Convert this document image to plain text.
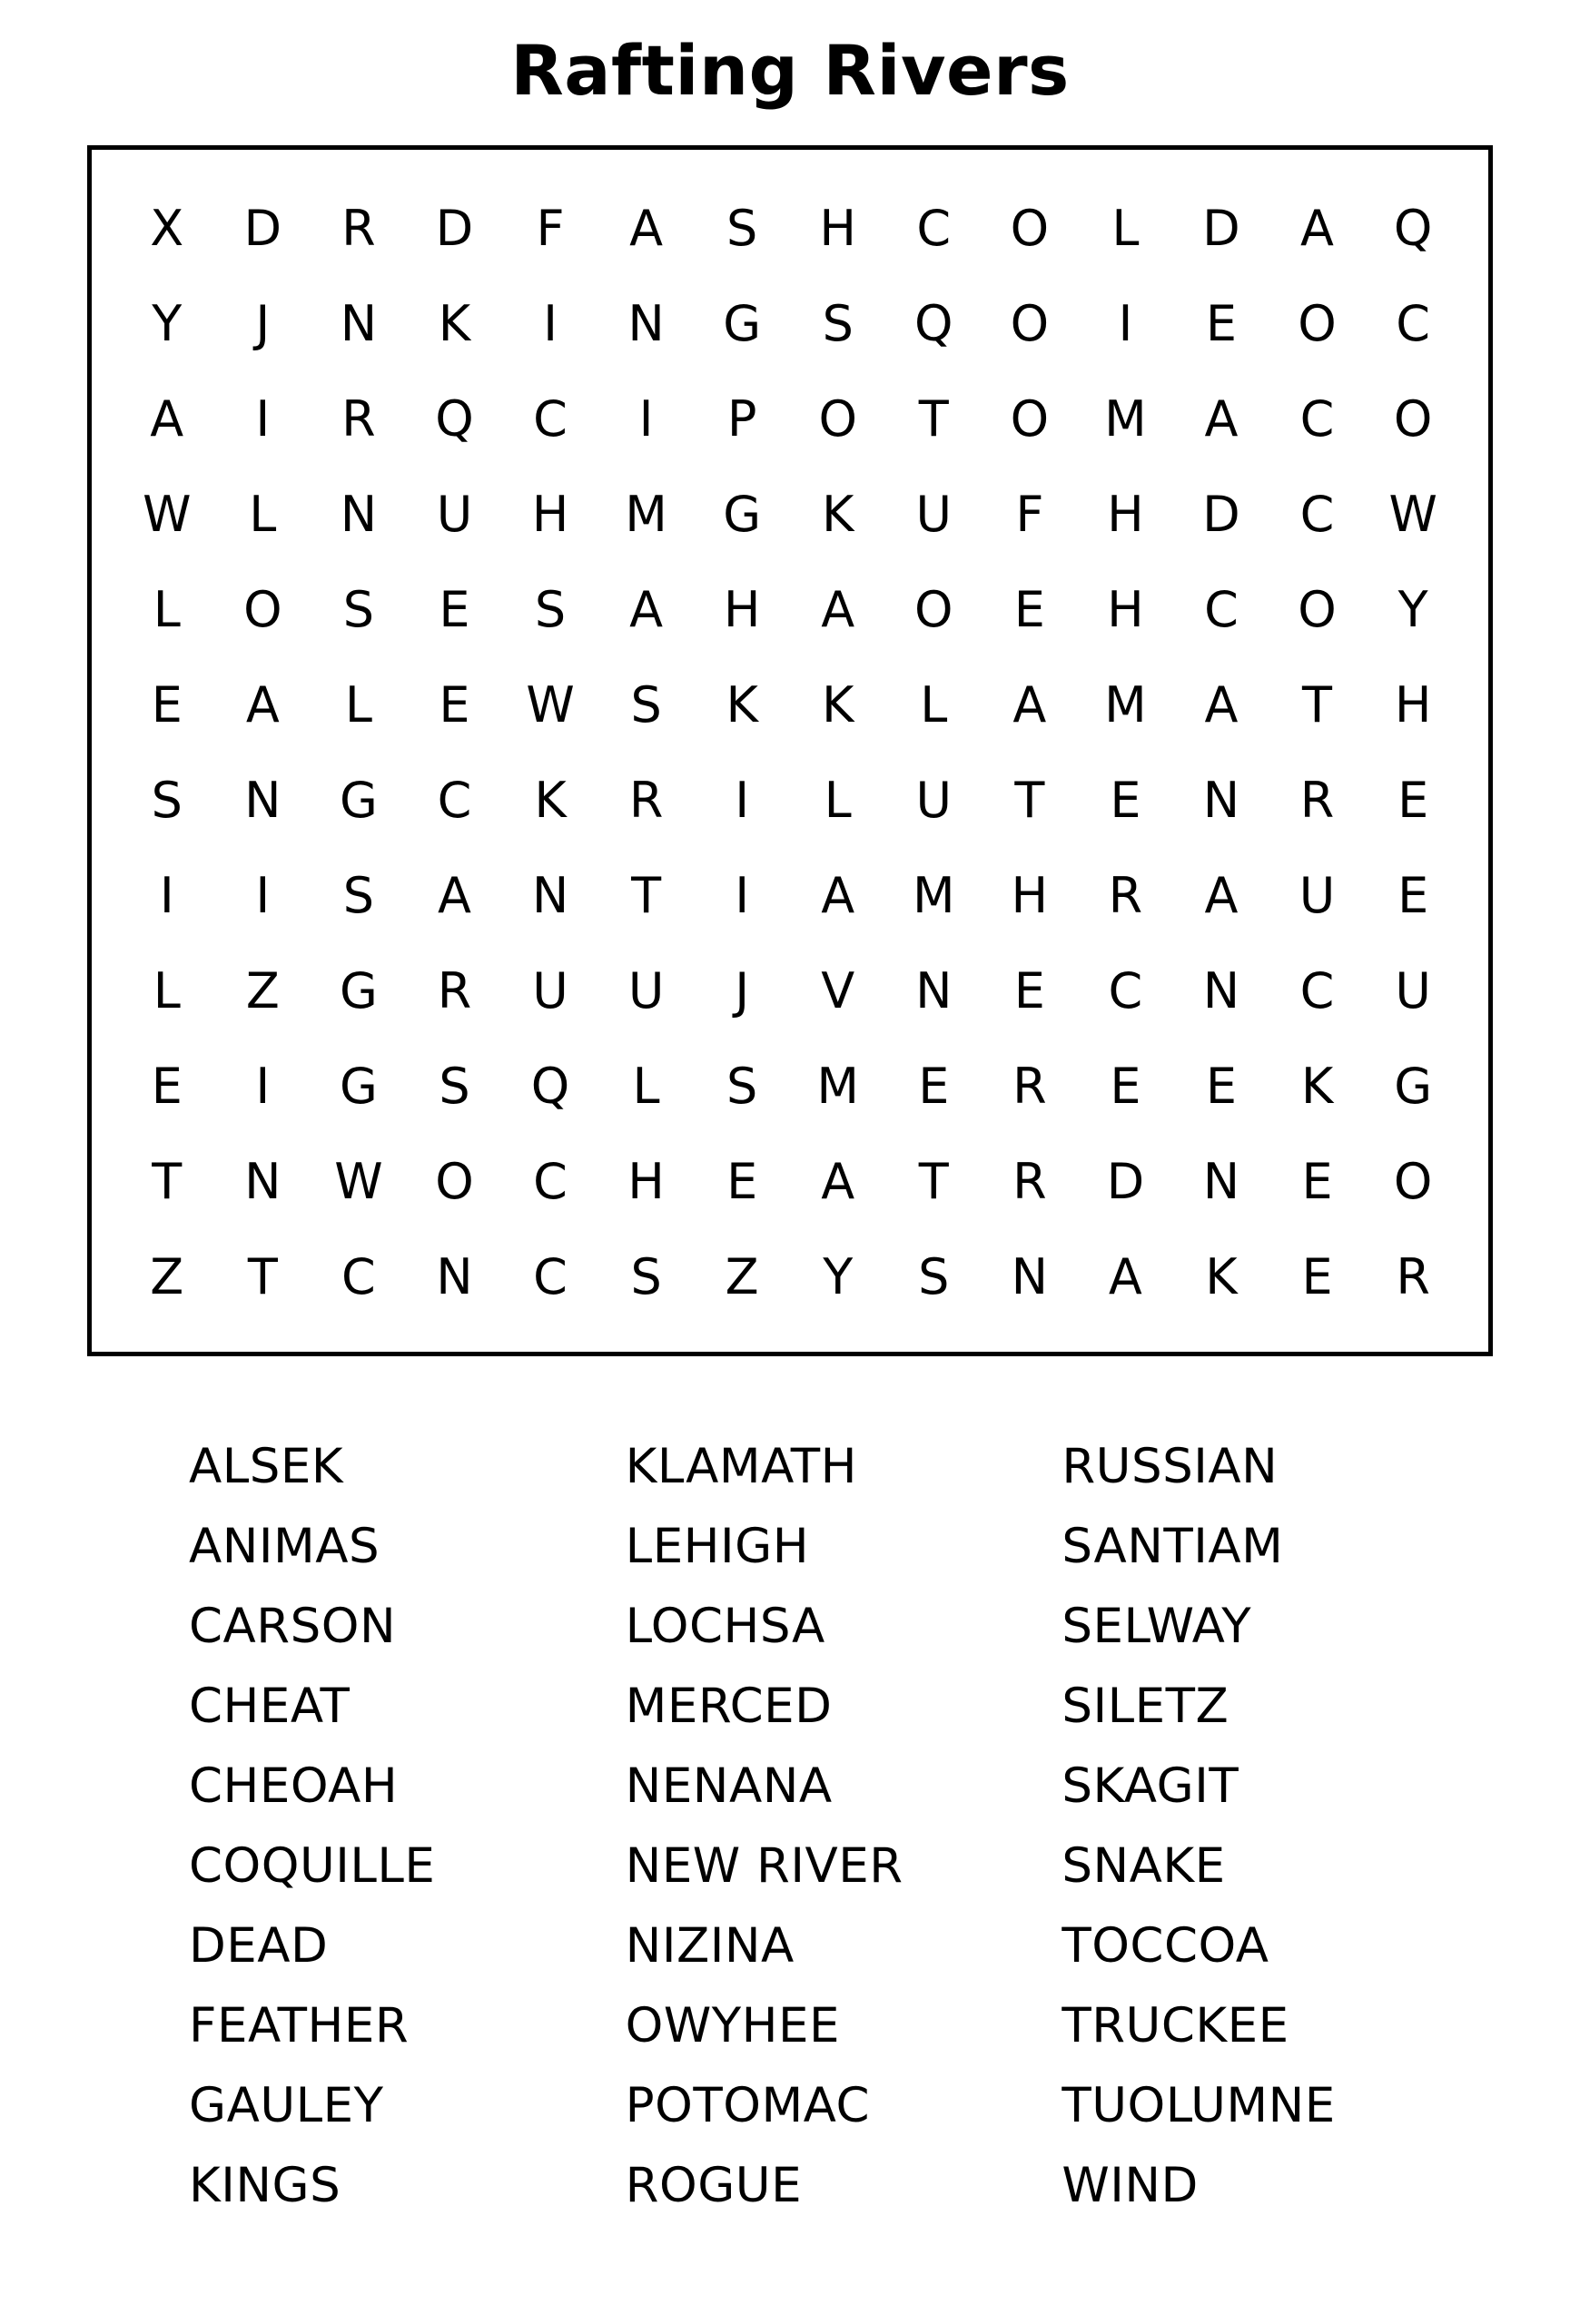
Rafting Rivers
X	D	R	D	F	A	S	H	C	O	L	D	A	Q
Y	J	N	K	I	N	G	S	Q	O	I	E	O	C
A	I	R	Q	C	I	P	O	T	O	M	A	C	O
W	L	N	U	H	M	G	K	U	F	H	D	C	W
L	O	S	E	S	A	H	A	O	E	H	C	O	Y
E	A	L	E	W	S	K	K	L	A	M	A	T	H
S	N	G	C	K	R	I	L	U	T	E	N	R	E
I	I	S	A	N	T	I	A	M	H	R	A	U	E
L	Z	G	R	U	U	J	V	N	E	C	N	C	U
E	I	G	S	Q	L	S	M	E	R	E	E	K	G
T	N	W	O	C	H	E	A	T	R	D	N	E	O
Z	T	C	N	C	S	Z	Y	S	N	A	K	E	R
ALSEK
ANIMAS
CARSON
CHEAT
CHEOAH
COQUILLE
DEAD
FEATHER
GAULEY
KINGS
KLAMATH
LEHIGH
LOCHSA
MERCED
NENANA
NEW RIVER
NIZINA
OWYHEE
POTOMAC
ROGUE
RUSSIAN
SANTIAM
SELWAY
SILETZ
SKAGIT
SNAKE
TOCCOA
TRUCKEE
TUOLUMNE
WIND
